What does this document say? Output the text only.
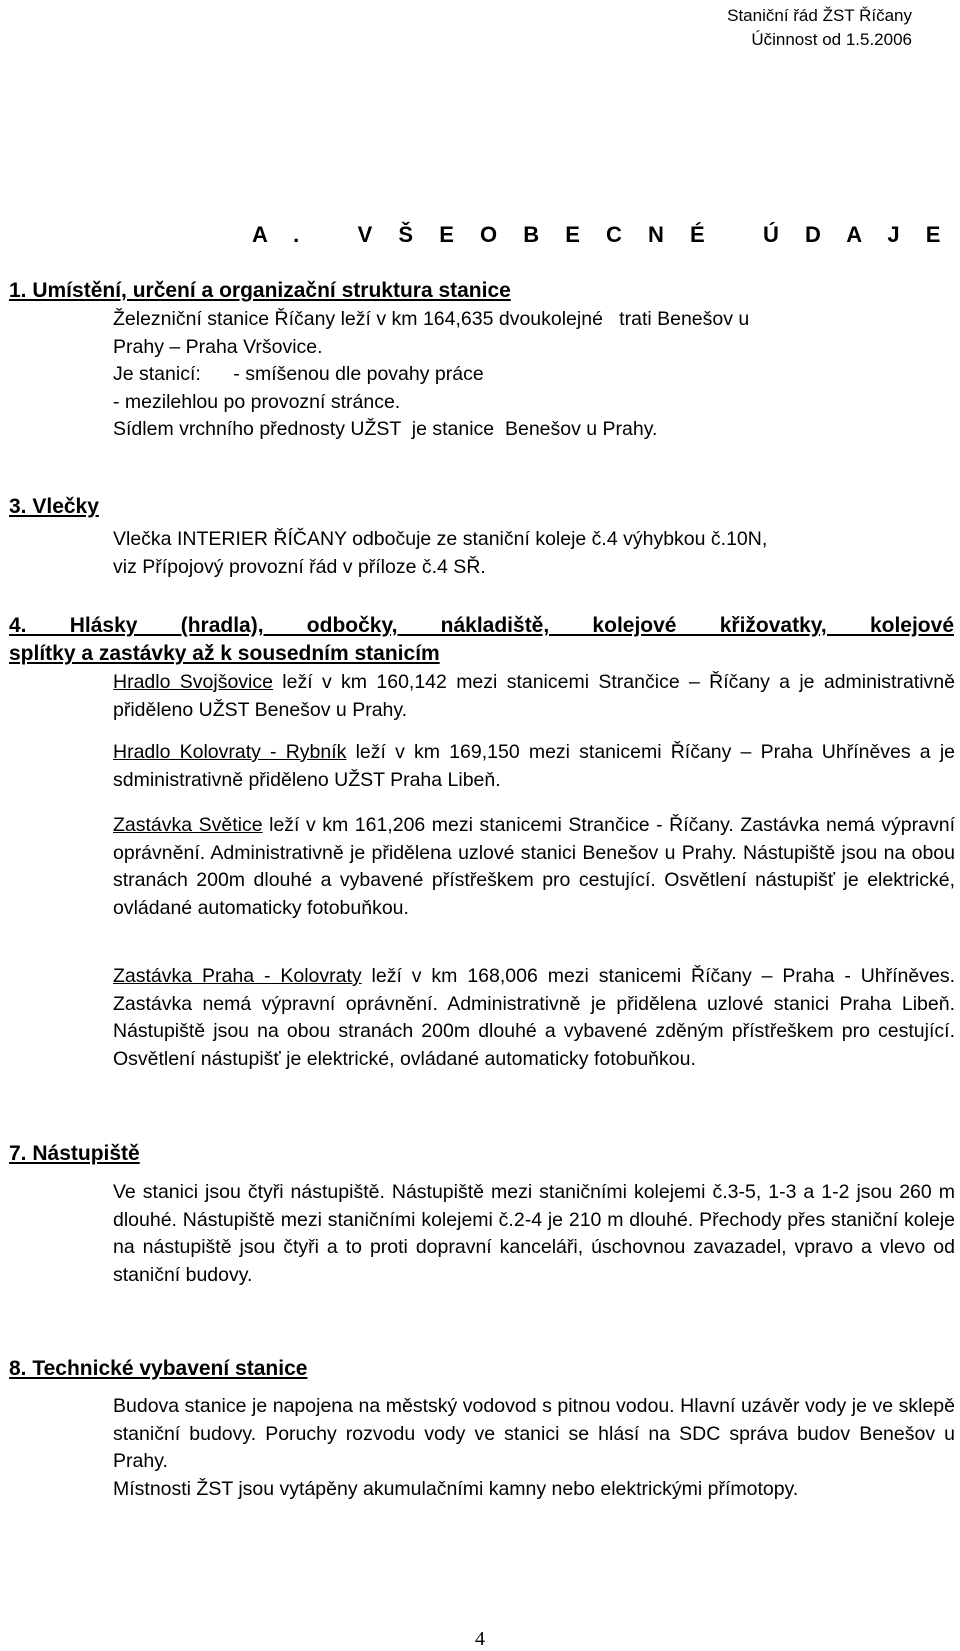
Staniční řád ŽST Říčany
Účinnost od 1.5.2006
A .   V Š E O B E C N É   Ú D A J E
1. Umístění, určení a organizační struktura stanice
Železniční stanice Říčany leží v km 164,635 dvoukolejné   trati Benešov u
Prahy – Praha Vršovice.
Je stanicí:      - smíšenou dle povahy práce
- mezilehlou po provozní stránce.
Sídlem vrchního přednosty UŽST  je stanice  Benešov u Prahy.
3. Vlečky
Vlečka INTERIER ŘÍČANY odbočuje ze staniční koleje č.4 výhybkou č.10N,
viz Přípojový provozní řád v příloze č.4 SŘ.
4. Hlásky (hradla), odbočky, nákladiště, kolejové křižovatky, kolejové
splítky a zastávky až k sousedním stanicím
Hradlo Svojšovice leží v km 160,142 mezi stanicemi Strančice – Říčany a je administrativně přiděleno UŽST Benešov u Prahy.
Hradlo Kolovraty - Rybník leží v km 169,150 mezi stanicemi Říčany – Praha Uhříněves a je sdministrativně přiděleno UŽST Praha Libeň.
Zastávka Světice leží v km 161,206 mezi stanicemi Strančice - Říčany. Zastávka nemá výpravní oprávnění. Administrativně je přidělena uzlové stanici Benešov u Prahy. Nástupiště jsou na obou stranách 200m dlouhé a vybavené přístřeškem pro cestující. Osvětlení nástupišť je elektrické, ovládané automaticky fotobuňkou.
Zastávka Praha - Kolovraty leží v km 168,006 mezi stanicemi Říčany – Praha - Uhříněves. Zastávka nemá výpravní oprávnění. Administrativně je přidělena uzlové stanici Praha Libeň. Nástupiště jsou na obou stranách 200m dlouhé a vybavené zděným přístřeškem pro cestující. Osvětlení nástupišť je elektrické, ovládané automaticky fotobuňkou.
7. Nástupiště
Ve stanici jsou čtyři nástupiště. Nástupiště mezi staničními kolejemi č.3-5, 1-3 a 1-2 jsou 260 m dlouhé. Nástupiště mezi staničními kolejemi č.2-4 je 210 m dlouhé. Přechody přes staniční koleje na nástupiště jsou čtyři a to proti dopravní kanceláři, úschovnou zavazadel, vpravo a vlevo od staniční budovy.
8. Technické vybavení stanice
Budova stanice je napojena na městský vodovod s pitnou vodou. Hlavní uzávěr vody je ve sklepě staniční budovy. Poruchy rozvodu vody ve stanici se hlásí na SDC správa budov Benešov u Prahy.
Místnosti ŽST jsou vytápěny akumulačními kamny nebo elektrickými přímotopy.
4
